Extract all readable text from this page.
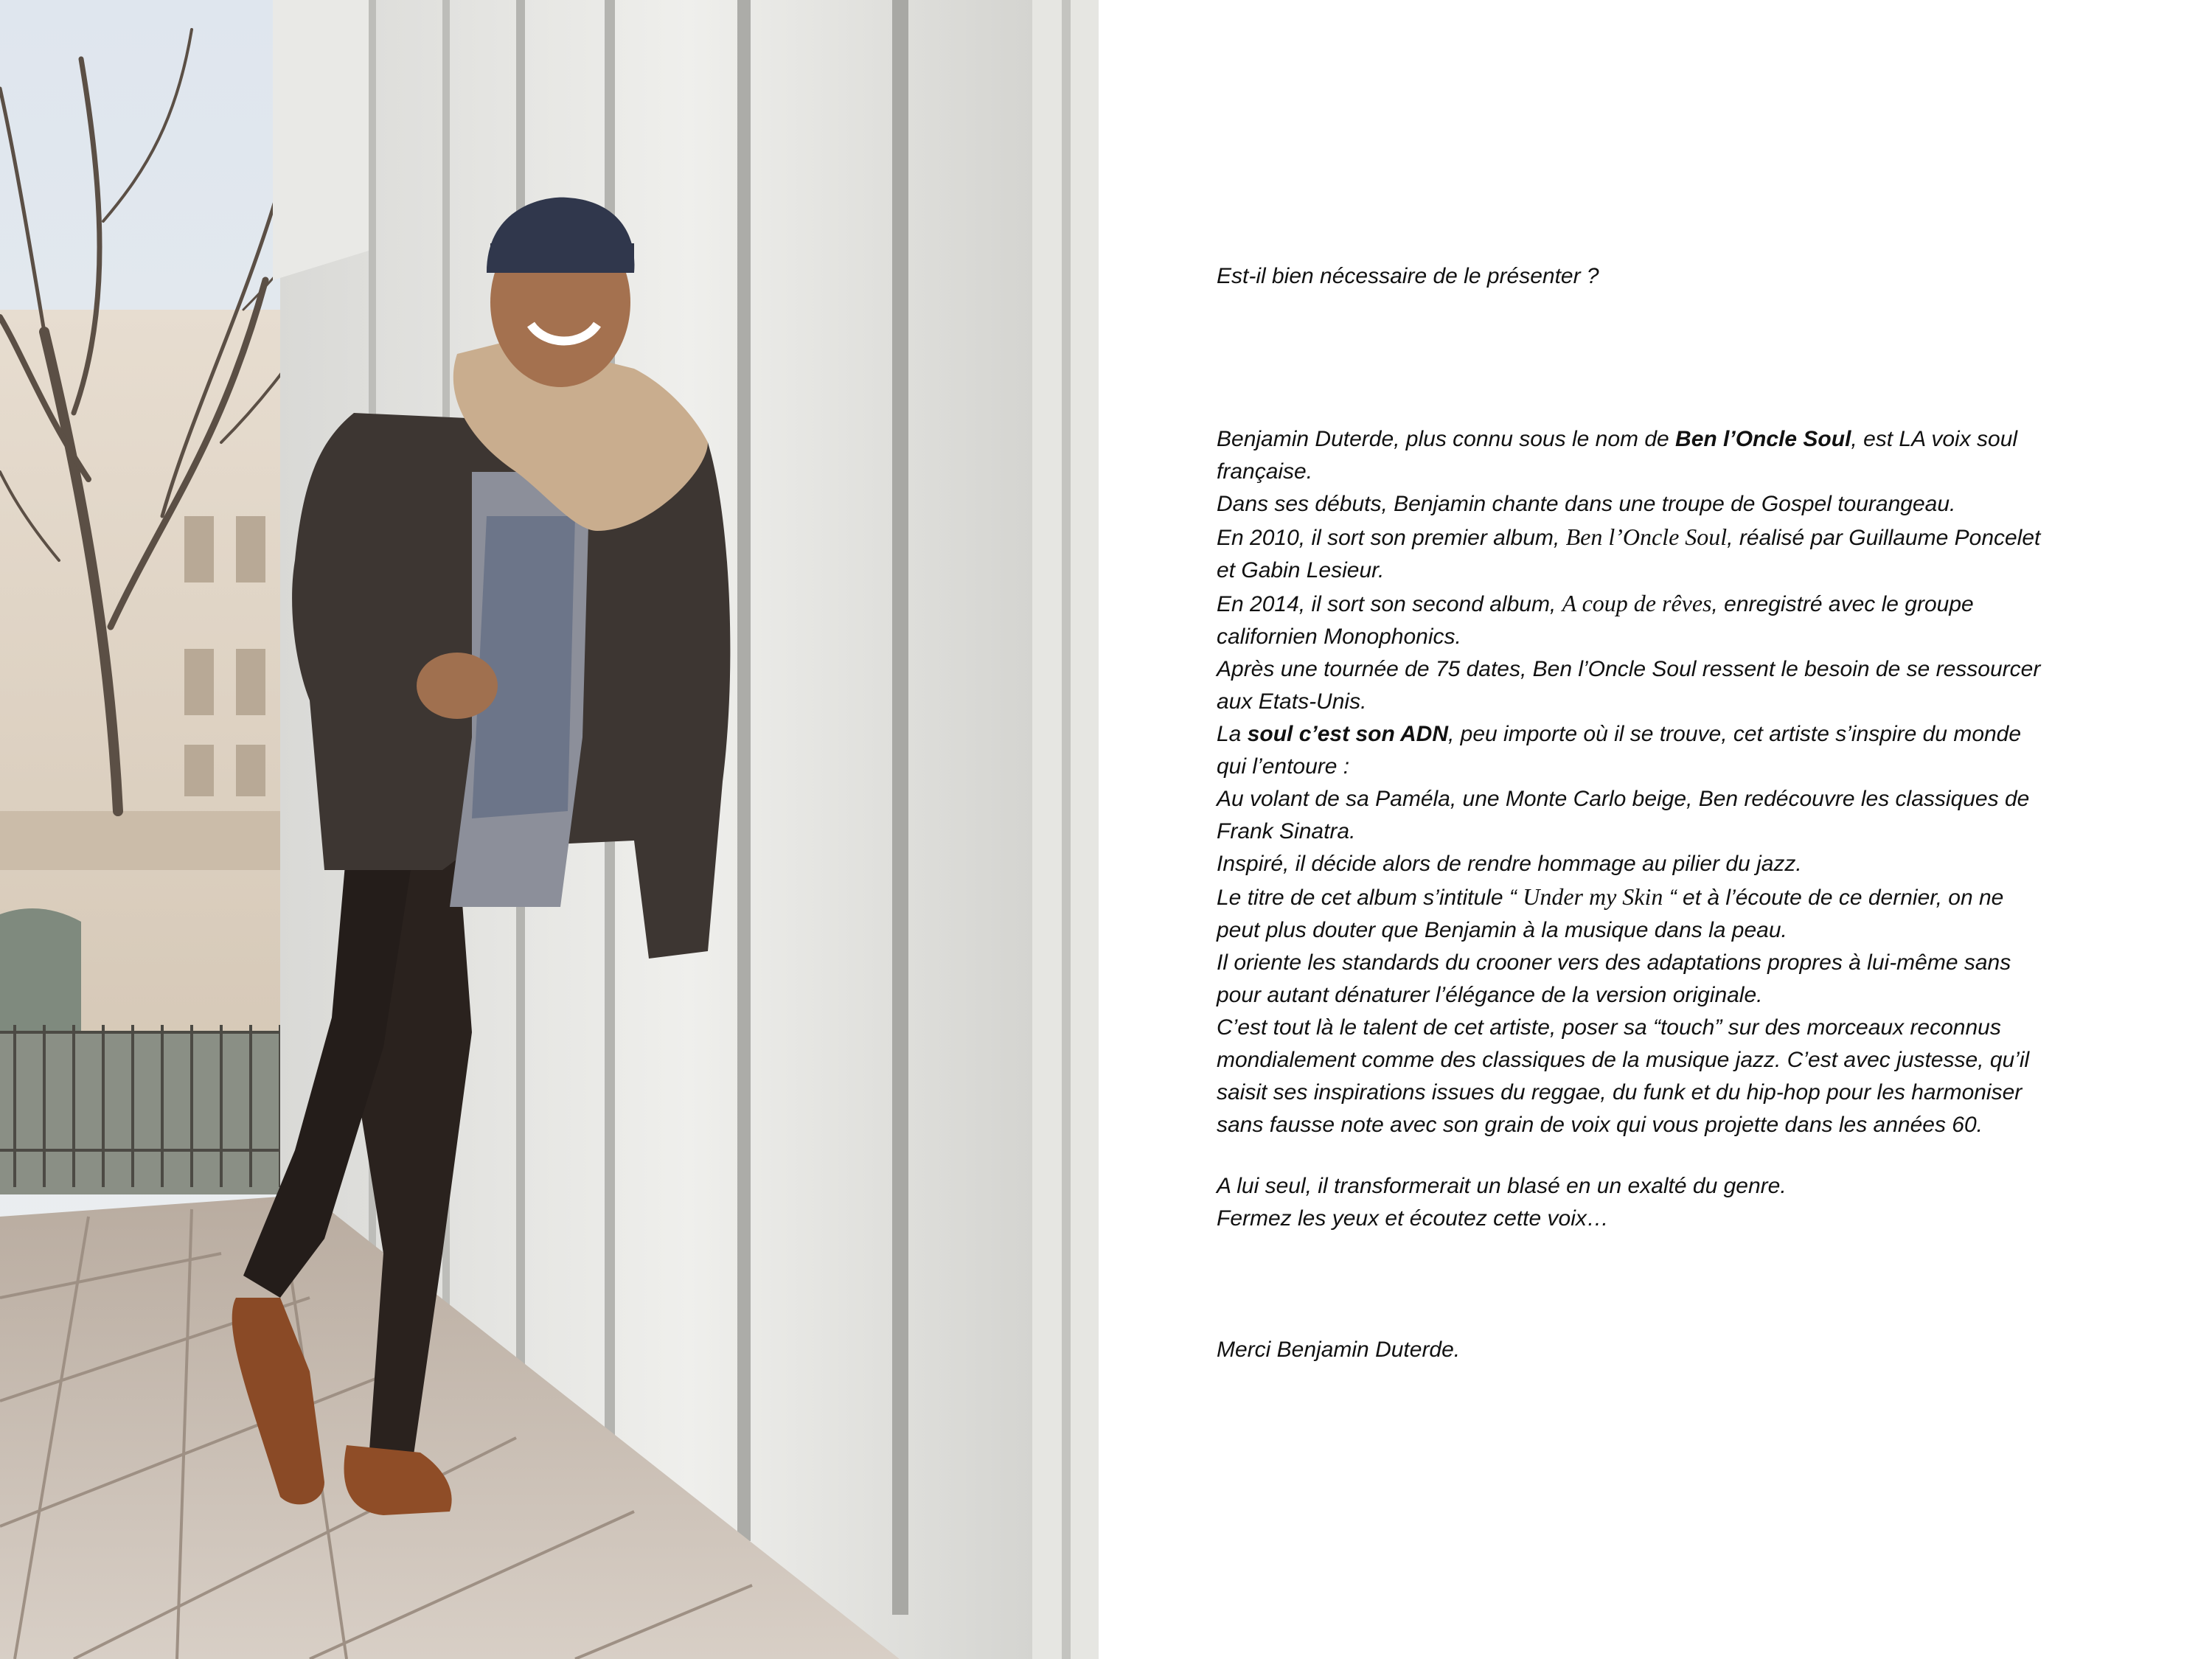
Est-il bien nécessaire de le présenter ?

Benjamin Duterde, plus connu sous le nom de Ben l’Oncle Soul, est LA voix soul
française.
Dans ses débuts, Benjamin chante dans une troupe de Gospel tourangeau.
En 2010, il sort son premier album, Ben l’Oncle Soul, réalisé par Guillaume Poncelet
et Gabin Lesieur.
En 2014, il sort son second album, A coup de rêves, enregistré avec le groupe
californien Monophonics.
Après une tournée de 75 dates, Ben l’Oncle Soul ressent le besoin de se ressourcer
aux Etats-Unis.
La soul c’est son ADN, peu importe où il se trouve, cet artiste s’inspire du monde
qui l’entoure :
Au volant de sa Paméla, une Monte Carlo beige, Ben redécouvre les classiques de
Frank Sinatra.
Inspiré, il décide alors de rendre hommage au pilier du jazz.
Le titre de cet album s’intitule “ Under my Skin “ et à l’écoute de ce dernier, on ne
peut plus douter que Benjamin à la musique dans la peau.
Il oriente les standards du crooner vers des adaptations propres à lui-même sans
pour autant dénaturer l’élégance de la version originale.
C’est tout là le talent de cet artiste, poser sa “touch” sur des morceaux reconnus
mondialement comme des classiques de la musique jazz. C’est avec justesse, qu’il
saisit ses inspirations issues du reggae, du funk et du hip-hop pour les harmoniser
sans fausse note avec son grain de voix qui vous projette dans les années 60.

A lui seul, il transformerait un blasé en un exalté du genre.
Fermez les yeux et écoutez cette voix…

Merci Benjamin Duterde.
